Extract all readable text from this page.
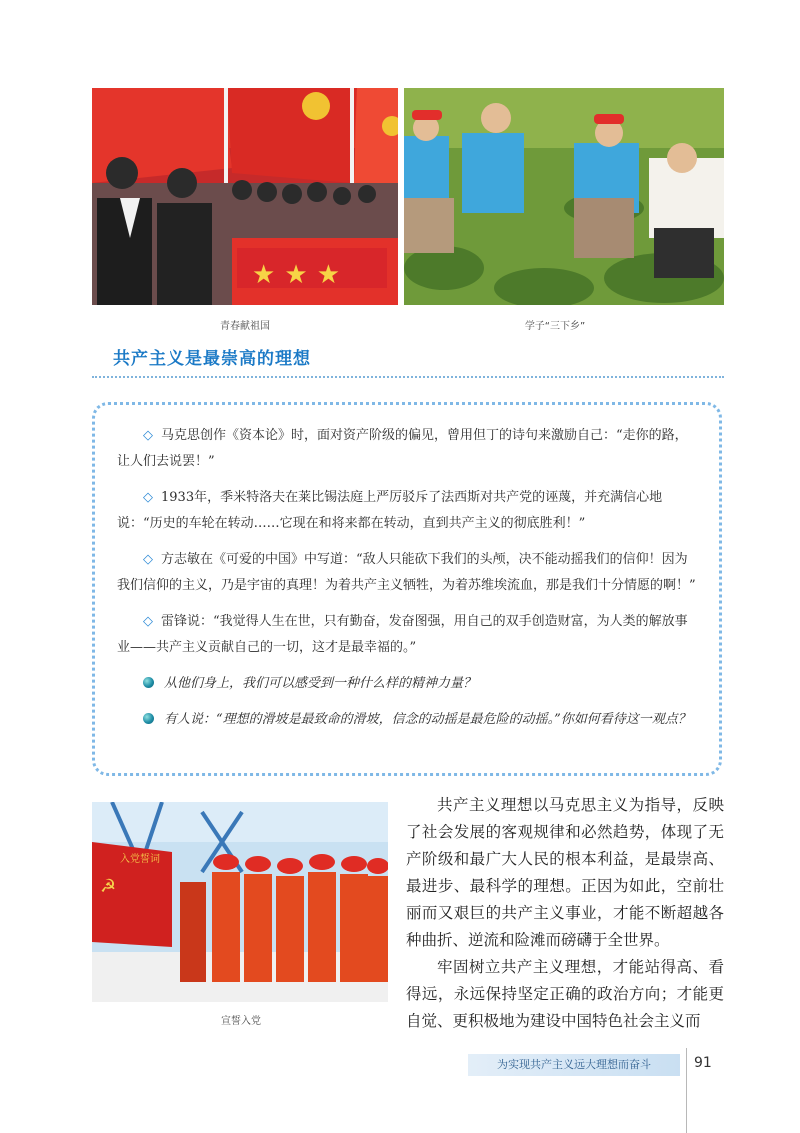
★ ★ ★
青春献祖国	学子“三下乡”
共产主义是最崇高的理想

◇ 马克思创作《资本论》时，面对资产阶级的偏见，曾用但丁的诗句来激励自己：“走你的路，让人们去说罢！”

◇ 1933年，季米特洛夫在莱比锡法庭上严厉驳斥了法西斯对共产党的诬蔑，并充满信心地说：“历史的车轮在转动……它现在和将来都在转动，直到共产主义的彻底胜利！”

◇ 方志敏在《可爱的中国》中写道：“敌人只能砍下我们的头颅，决不能动摇我们的信仰！因为我们信仰的主义，乃是宇宙的真理！为着共产主义牺牲，为着苏维埃流血，那是我们十分情愿的啊！”

◇ 雷锋说：“我觉得人生在世，只有勤奋，发奋图强，用自己的双手创造财富，为人类的解放事业——共产主义贡献自己的一切，这才是最幸福的。”

从他们身上，我们可以感受到一种什么样的精神力量？

有人说：“理想的滑坡是最致命的滑坡，信念的动摇是最危险的动摇。”你如何看待这一观点？

入党誓词
☭
宣誓入党

共产主义理想以马克思主义为指导，反映了社会发展的客观规律和必然趋势，体现了无产阶级和最广大人民的根本利益，是最崇高、最进步、最科学的理想。正因为如此，空前壮丽而又艰巨的共产主义事业，才能不断超越各种曲折、逆流和险滩而磅礴于全世界。

牢固树立共产主义理想，才能站得高、看得远，永远保持坚定正确的政治方向；才能更自觉、更积极地为建设中国特色社会主义而

为实现共产主义远大理想而奋斗	91
